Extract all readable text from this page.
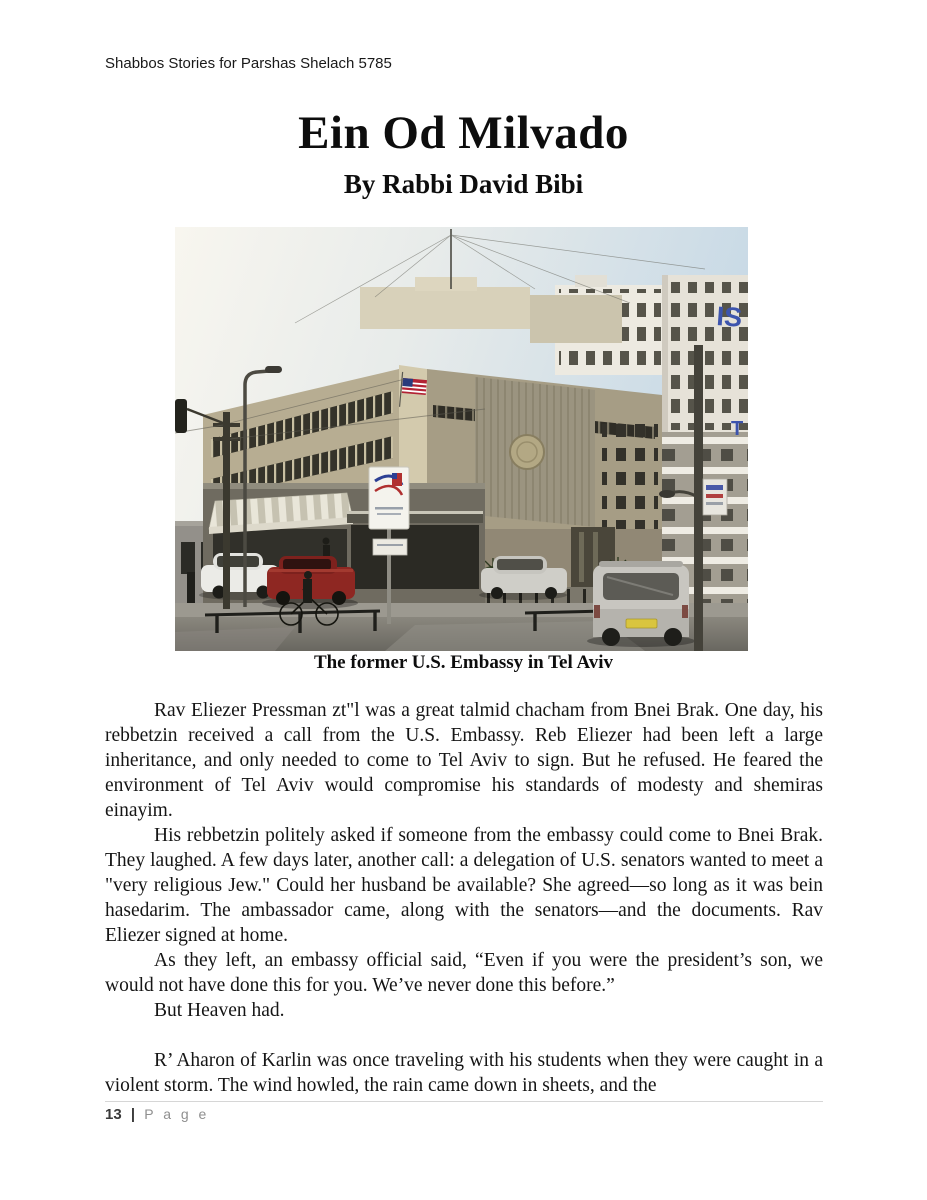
Shabbos Stories for Parshas Shelach 5785
Ein Od Milvado
By Rabbi David Bibi
IS
T
The former U.S. Embassy in Tel Aviv

Rav Eliezer Pressman zt"l was a great talmid chacham from Bnei Brak. One day, his rebbetzin received a call from the U.S. Embassy. Reb Eliezer had been left a large inheritance, and only needed to come to Tel Aviv to sign. But he refused. He feared the environment of Tel Aviv would compromise his standards of modesty and shemiras einayim.

His rebbetzin politely asked if someone from the embassy could come to Bnei Brak. They laughed. A few days later, another call: a delegation of U.S. senators wanted to meet a "very religious Jew." Could her husband be available? She agreed—so long as it was bein hasedarim. The ambassador came, along with the senators—and the documents. Rav Eliezer signed at home.

As they left, an embassy official said, “Even if you were the president’s son, we would not have done this for you. We’ve never done this before.”

But Heaven had.

R’ Aharon of Karlin was once traveling with his students when they were caught in a violent storm. The wind howled, the rain came down in sheets, and the

13 | P a g e
